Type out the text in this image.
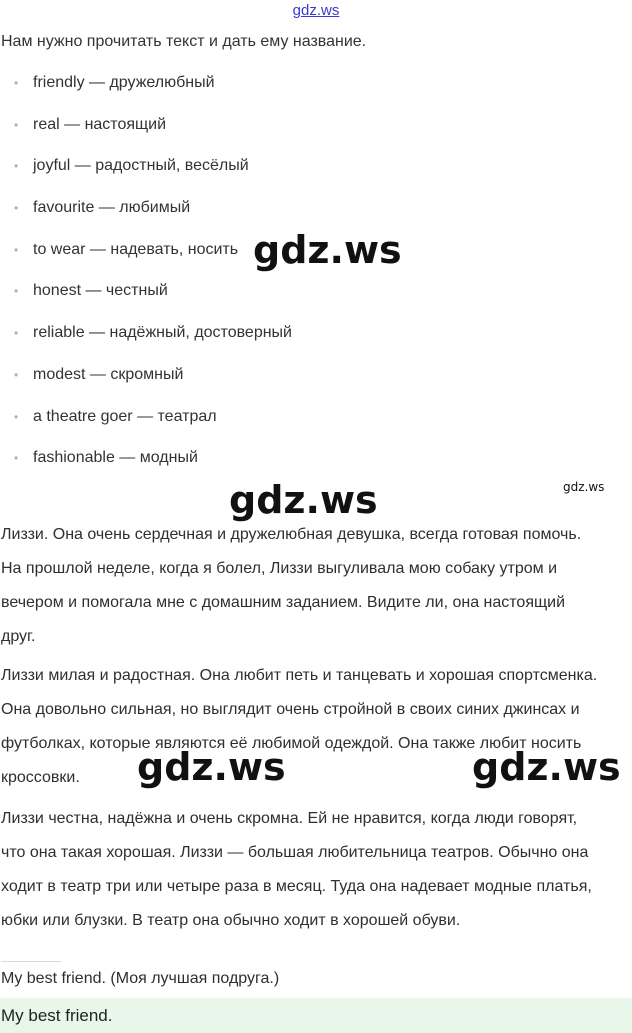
gdz.ws
Нам нужно прочитать текст и дать ему название.
• friendly — дружелюбный
• real — настоящий
• joyful — радостный, весёлый
• favourite — любимый
• to wear — надевать, носить
• honest — честный
• reliable — надёжный, достоверный
• modest — скромный
• a theatre goer — театрал
• fashionable — модный
gdz.ws
gdz.ws	gdz.ws
Лиззи. Она очень сердечная и дружелюбная девушка, всегда готовая помочь.
На прошлой неделе, когда я болел, Лиззи выгуливала мою собаку утром и
вечером и помогала мне с домашним заданием. Видите ли, она настоящий
друг.
Лиззи милая и радостная. Она любит петь и танцевать и хорошая спортсменка.
Она довольно сильная, но выглядит очень стройной в своих синих джинсах и
футболках, которые являются её любимой одеждой. Она также любит носить
кроссовки.	gdz.ws	gdz.ws
Лиззи честна, надёжна и очень скромна. Ей не нравится, когда люди говорят,
что она такая хорошая. Лиззи — большая любительница театров. Обычно она
ходит в театр три или четыре раза в месяц. Туда она надевает модные платья,
юбки или блузки. В театр она обычно ходит в хорошей обуви.
My best friend. (Моя лучшая подруга.)
My best friend.
